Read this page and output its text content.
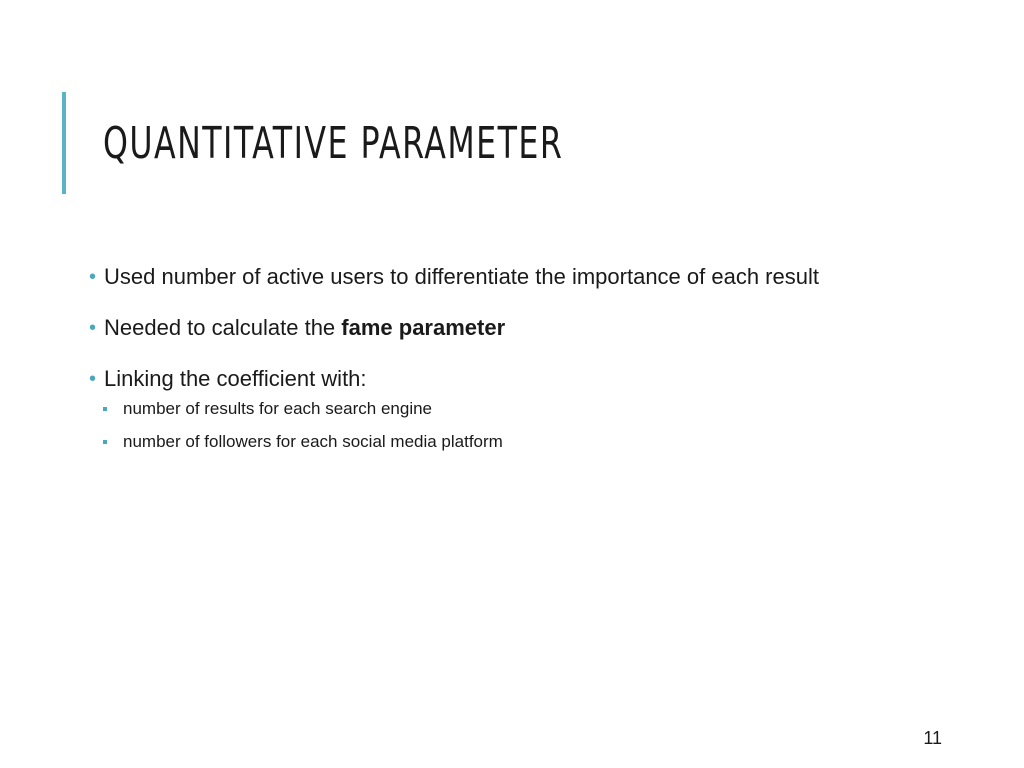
QUANTITATIVE PARAMETER
• Used number of active users to differentiate the importance of each result
• Needed to calculate the fame parameter
• Linking the coefficient with:
number of results for each search engine
number of followers for each social media platform
11
